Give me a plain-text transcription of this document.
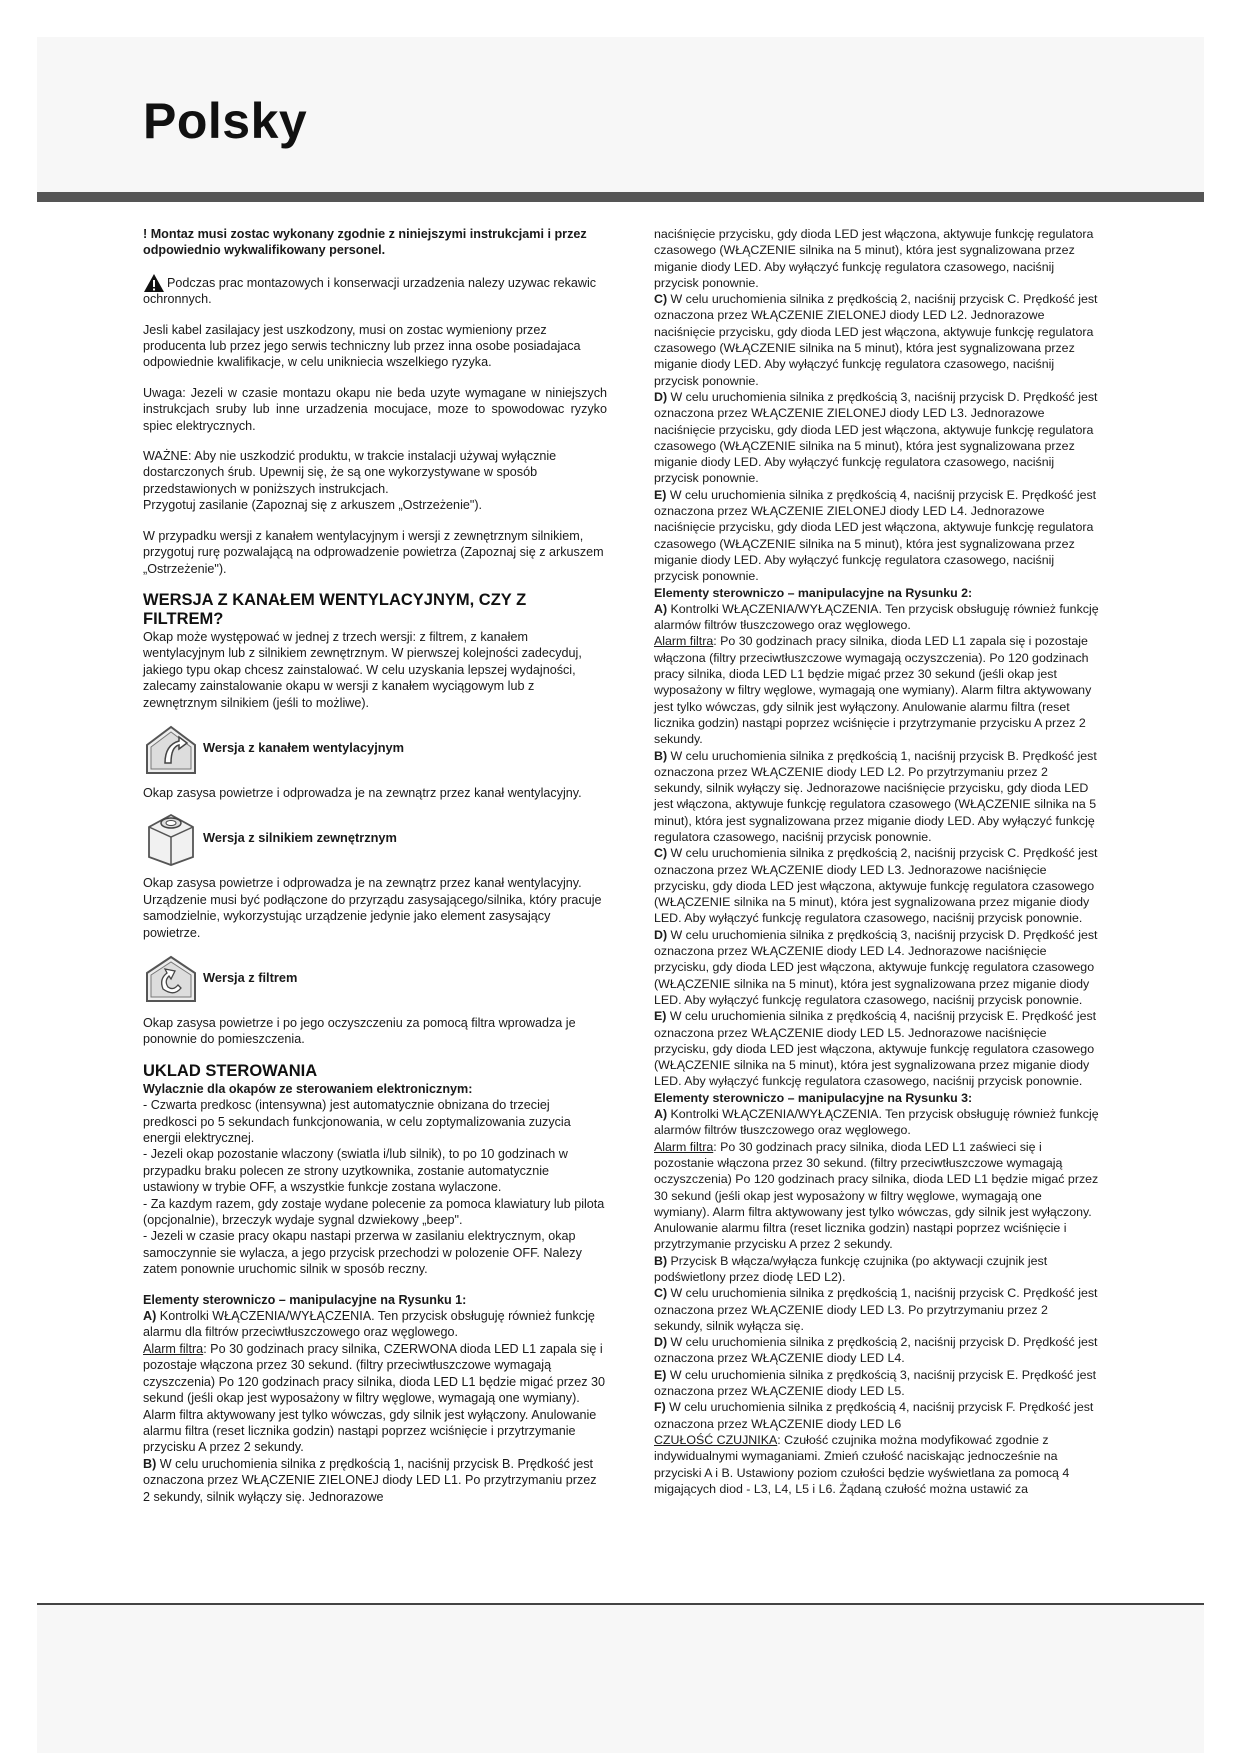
Polsky

! Montaz musi zostac wykonany zgodnie z niniejszymi instrukcjami i przez odpowiednio wykwalifikowany personel.

Podczas prac montazowych i konserwacji urzadzenia nalezy uzywac rekawic ochronnych.

Jesli kabel zasilajacy jest uszkodzony, musi on zostac wymieniony przez producenta lub przez jego serwis techniczny lub przez inna osobe posiadajaca odpowiednie kwalifikacje, w celu unikniecia wszelkiego ryzyka.

Uwaga: Jezeli w czasie montazu okapu nie beda uzyte wymagane w niniejszych instrukcjach sruby lub inne urzadzenia mocujace, moze to spowodowac ryzyko spiec elektrycznych.

WAŻNE: Aby nie uszkodzić produktu, w trakcie instalacji używaj wyłącznie dostarczonych śrub. Upewnij się, że są one wykorzystywane w sposób przedstawionych w poniższych instrukcjach.

Przygotuj zasilanie (Zapoznaj się z arkuszem „Ostrzeżenie").

W przypadku wersji z kanałem wentylacyjnym i wersji z zewnętrznym silnikiem, przygotuj rurę pozwalającą na odprowadzenie powietrza (Zapoznaj się z arkuszem „Ostrzeżenie").

WERSJA Z KANAŁEM WENTYLACYJNYM, CZY Z FILTREM?

Okap może występować w jednej z trzech wersji: z filtrem, z kanałem wentylacyjnym lub z silnikiem zewnętrznym. W pierwszej kolejności zadecyduj, jakiego typu okap chcesz zainstalować. W celu uzyskania lepszej wydajności, zalecamy zainstalowanie okapu w wersji z kanałem wyciągowym lub z zewnętrznym silnikiem (jeśli to możliwe).

Wersja z kanałem wentylacyjnym

Okap zasysa powietrze i odprowadza je na zewnątrz przez kanał wentylacyjny.

Wersja z silnikiem zewnętrznym

Okap zasysa powietrze i odprowadza je na zewnątrz przez kanał wentylacyjny. Urządzenie musi być podłączone do przyrządu zasysającego/silnika, który pracuje samodzielnie, wykorzystując urządzenie jedynie jako element zasysający powietrze.

Wersja z filtrem

Okap zasysa powietrze i po jego oczyszczeniu za pomocą filtra wprowadza je ponownie do pomieszczenia.

UKLAD STEROWANIA

Wylacznie dla okapów ze sterowaniem elektronicznym:

- Czwarta predkosc (intensywna) jest automatycznie obnizana do trzeciej predkosci po 5 sekundach funkcjonowania, w celu zoptymalizowania zuzycia energii elektrycznej.

- Jezeli okap pozostanie wlaczony (swiatla i/lub silnik), to po 10 godzinach w przypadku braku polecen ze strony uzytkownika, zostanie automatycznie ustawiony w trybie OFF, a wszystkie funkcje zostana wylaczone.

- Za kazdym razem, gdy zostaje wydane polecenie za pomoca klawiatury lub pilota (opcjonalnie), brzeczyk wydaje sygnal dzwiekowy „beep".

- Jezeli w czasie pracy okapu nastapi przerwa w zasilaniu elektrycznym, okap samoczynnie sie wylacza, a jego przycisk przechodzi w polozenie OFF. Nalezy zatem ponownie uruchomic silnik w sposób reczny.

Elementy sterowniczo – manipulacyjne na Rysunku 1:

A) Kontrolki WŁĄCZENIA/WYŁĄCZENIA. Ten przycisk obsługuję również funkcję alarmu dla filtrów przeciwtłuszczowego oraz węglowego.

Alarm filtra: Po 30 godzinach pracy silnika, CZERWONA dioda LED L1 zapala się i pozostaje włączona przez 30 sekund. (filtry przeciwtłuszczowe wymagają czyszczenia) Po 120 godzinach pracy silnika, dioda LED L1 będzie migać przez 30 sekund (jeśli okap jest wyposażony w filtry węglowe, wymagają one wymiany). Alarm filtra aktywowany jest tylko wówczas, gdy silnik jest wyłączony. Anulowanie alarmu filtra (reset licznika godzin) nastąpi poprzez wciśnięcie i przytrzymanie przycisku A przez 2 sekundy.

B) W celu uruchomienia silnika z prędkością 1, naciśnij przycisk B. Prędkość jest oznaczona przez WŁĄCZENIE ZIELONEJ diody LED L1. Po przytrzymaniu przez 2 sekundy, silnik wyłączy się. Jednorazowe

naciśnięcie przycisku, gdy dioda LED jest włączona, aktywuje funkcję regulatora czasowego (WŁĄCZENIE silnika na 5 minut), która jest sygnalizowana przez miganie diody LED. Aby wyłączyć funkcję regulatora czasowego, naciśnij przycisk ponownie.

C) W celu uruchomienia silnika z prędkością 2, naciśnij przycisk C. Prędkość jest oznaczona przez WŁĄCZENIE ZIELONEJ diody LED L2. Jednorazowe naciśnięcie przycisku, gdy dioda LED jest włączona, aktywuje funkcję regulatora czasowego (WŁĄCZENIE silnika na 5 minut), która jest sygnalizowana przez miganie diody LED. Aby wyłączyć funkcję regulatora czasowego, naciśnij przycisk ponownie.

D) W celu uruchomienia silnika z prędkością 3, naciśnij przycisk D. Prędkość jest oznaczona przez WŁĄCZENIE ZIELONEJ diody LED L3. Jednorazowe naciśnięcie przycisku, gdy dioda LED jest włączona, aktywuje funkcję regulatora czasowego (WŁĄCZENIE silnika na 5 minut), która jest sygnalizowana przez miganie diody LED. Aby wyłączyć funkcję regulatora czasowego, naciśnij przycisk ponownie.

E) W celu uruchomienia silnika z prędkością 4, naciśnij przycisk E. Prędkość jest oznaczona przez WŁĄCZENIE ZIELONEJ diody LED L4. Jednorazowe naciśnięcie przycisku, gdy dioda LED jest włączona, aktywuje funkcję regulatora czasowego (WŁĄCZENIE silnika na 5 minut), która jest sygnalizowana przez miganie diody LED. Aby wyłączyć funkcję regulatora czasowego, naciśnij przycisk ponownie.

Elementy sterowniczo – manipulacyjne na Rysunku 2:

A) Kontrolki WŁĄCZENIA/WYŁĄCZENIA. Ten przycisk obsługuję również funkcję alarmów filtrów tłuszczowego oraz węglowego.

Alarm filtra: Po 30 godzinach pracy silnika, dioda LED L1 zapala się i pozostaje włączona (filtry przeciwtłuszczowe wymagają oczyszczenia). Po 120 godzinach pracy silnika, dioda LED L1 będzie migać przez 30 sekund (jeśli okap jest wyposażony w filtry węglowe, wymagają one wymiany). Alarm filtra aktywowany jest tylko wówczas, gdy silnik jest wyłączony. Anulowanie alarmu filtra (reset licznika godzin) nastąpi poprzez wciśnięcie i przytrzymanie przycisku A przez 2 sekundy.

B) W celu uruchomienia silnika z prędkością 1, naciśnij przycisk B. Prędkość jest oznaczona przez WŁĄCZENIE diody LED L2. Po przytrzymaniu przez 2 sekundy, silnik wyłączy się. Jednorazowe naciśnięcie przycisku, gdy dioda LED jest włączona, aktywuje funkcję regulatora czasowego (WŁĄCZENIE silnika na 5 minut), która jest sygnalizowana przez miganie diody LED. Aby wyłączyć funkcję regulatora czasowego, naciśnij przycisk ponownie.

C) W celu uruchomienia silnika z prędkością 2, naciśnij przycisk C. Prędkość jest oznaczona przez WŁĄCZENIE diody LED L3. Jednorazowe naciśnięcie przycisku, gdy dioda LED jest włączona, aktywuje funkcję regulatora czasowego (WŁĄCZENIE silnika na 5 minut), która jest sygnalizowana przez miganie diody LED. Aby wyłączyć funkcję regulatora czasowego, naciśnij przycisk ponownie.

D) W celu uruchomienia silnika z prędkością 3, naciśnij przycisk D. Prędkość jest oznaczona przez WŁĄCZENIE diody LED L4. Jednorazowe naciśnięcie przycisku, gdy dioda LED jest włączona, aktywuje funkcję regulatora czasowego (WŁĄCZENIE silnika na 5 minut), która jest sygnalizowana przez miganie diody LED. Aby wyłączyć funkcję regulatora czasowego, naciśnij przycisk ponownie.

E) W celu uruchomienia silnika z prędkością 4, naciśnij przycisk E. Prędkość jest oznaczona przez WŁĄCZENIE diody LED L5. Jednorazowe naciśnięcie przycisku, gdy dioda LED jest włączona, aktywuje funkcję regulatora czasowego (WŁĄCZENIE silnika na 5 minut), która jest sygnalizowana przez miganie diody LED. Aby wyłączyć funkcję regulatora czasowego, naciśnij przycisk ponownie.

Elementy sterowniczo – manipulacyjne na Rysunku 3:

A) Kontrolki WŁĄCZENIA/WYŁĄCZENIA. Ten przycisk obsługuję również funkcję alarmów filtrów tłuszczowego oraz węglowego.

Alarm filtra: Po 30 godzinach pracy silnika, dioda LED L1 zaświeci się i pozostanie włączona przez 30 sekund. (filtry przeciwtłuszczowe wymagają oczyszczenia) Po 120 godzinach pracy silnika, dioda LED L1 będzie migać przez 30 sekund (jeśli okap jest wyposażony w filtry węglowe, wymagają one wymiany). Alarm filtra aktywowany jest tylko wówczas, gdy silnik jest wyłączony. Anulowanie alarmu filtra (reset licznika godzin) nastąpi poprzez wciśnięcie i przytrzymanie przycisku A przez 2 sekundy.

B) Przycisk B włącza/wyłącza funkcję czujnika (po aktywacji czujnik jest podświetlony przez diodę LED L2).

C) W celu uruchomienia silnika z prędkością 1, naciśnij przycisk C. Prędkość jest oznaczona przez WŁĄCZENIE diody LED L3. Po przytrzymaniu przez 2 sekundy, silnik wyłącza się.

D) W celu uruchomienia silnika z prędkością 2, naciśnij przycisk D. Prędkość jest oznaczona przez WŁĄCZENIE diody LED L4.

E) W celu uruchomienia silnika z prędkością 3, naciśnij przycisk E. Prędkość jest oznaczona przez WŁĄCZENIE diody LED L5.

F) W celu uruchomienia silnika z prędkością 4, naciśnij przycisk F. Prędkość jest oznaczona przez WŁĄCZENIE diody LED L6

CZUŁOŚĆ CZUJNIKA: Czułość czujnika można modyfikować zgodnie z indywidualnymi wymaganiami. Zmień czułość naciskając jednocześnie na przyciski A i B. Ustawiony poziom czułości będzie wyświetlana za pomocą 4 migających diod - L3, L4, L5 i L6. Żądaną czułość można ustawić za
